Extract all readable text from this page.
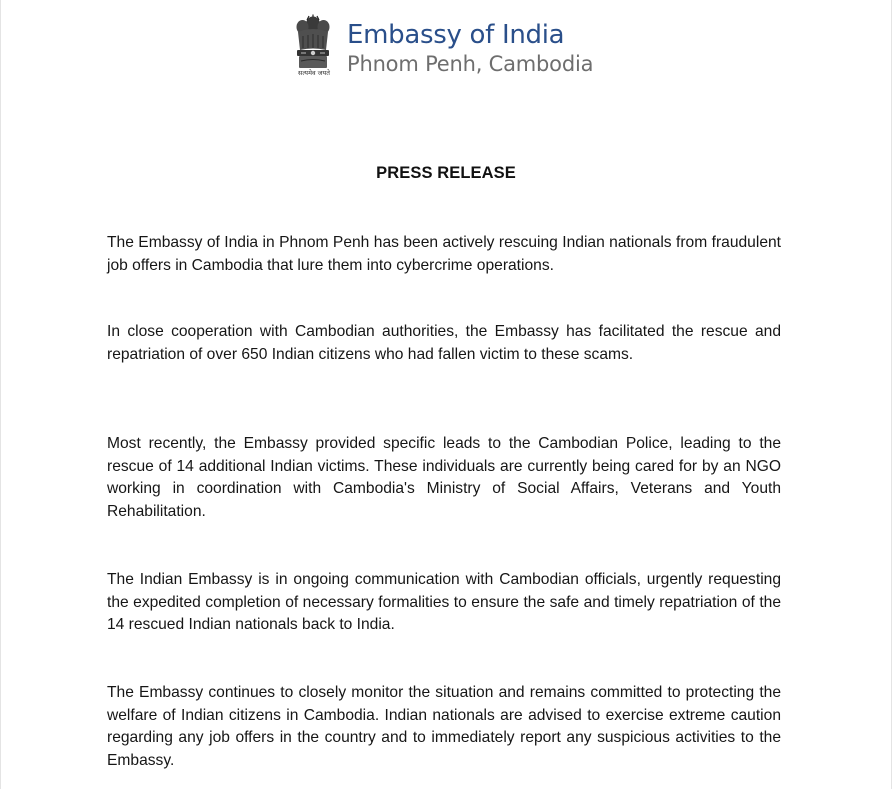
सत्यमेव जयते
Embassy of India
Phnom Penh, Cambodia
PRESS RELEASE

The Embassy of India in Phnom Penh has been actively rescuing Indian nationals from fraudulent job offers in Cambodia that lure them into cybercrime operations.

In close cooperation with Cambodian authorities, the Embassy has facilitated the rescue and repatriation of over 650 Indian citizens who had fallen victim to these scams.

Most recently, the Embassy provided specific leads to the Cambodian Police, leading to the rescue of 14 additional Indian victims. These individuals are currently being cared for by an NGO working in coordination with Cambodia's Ministry of Social Affairs, Veterans and Youth Rehabilitation.

The Indian Embassy is in ongoing communication with Cambodian officials, urgently requesting the expedited completion of necessary formalities to ensure the safe and timely repatriation of the 14 rescued Indian nationals back to India.

The Embassy continues to closely monitor the situation and remains committed to protecting the welfare of Indian citizens in Cambodia. Indian nationals are advised to exercise extreme caution regarding any job offers in the country and to immediately report any suspicious activities to the Embassy.
